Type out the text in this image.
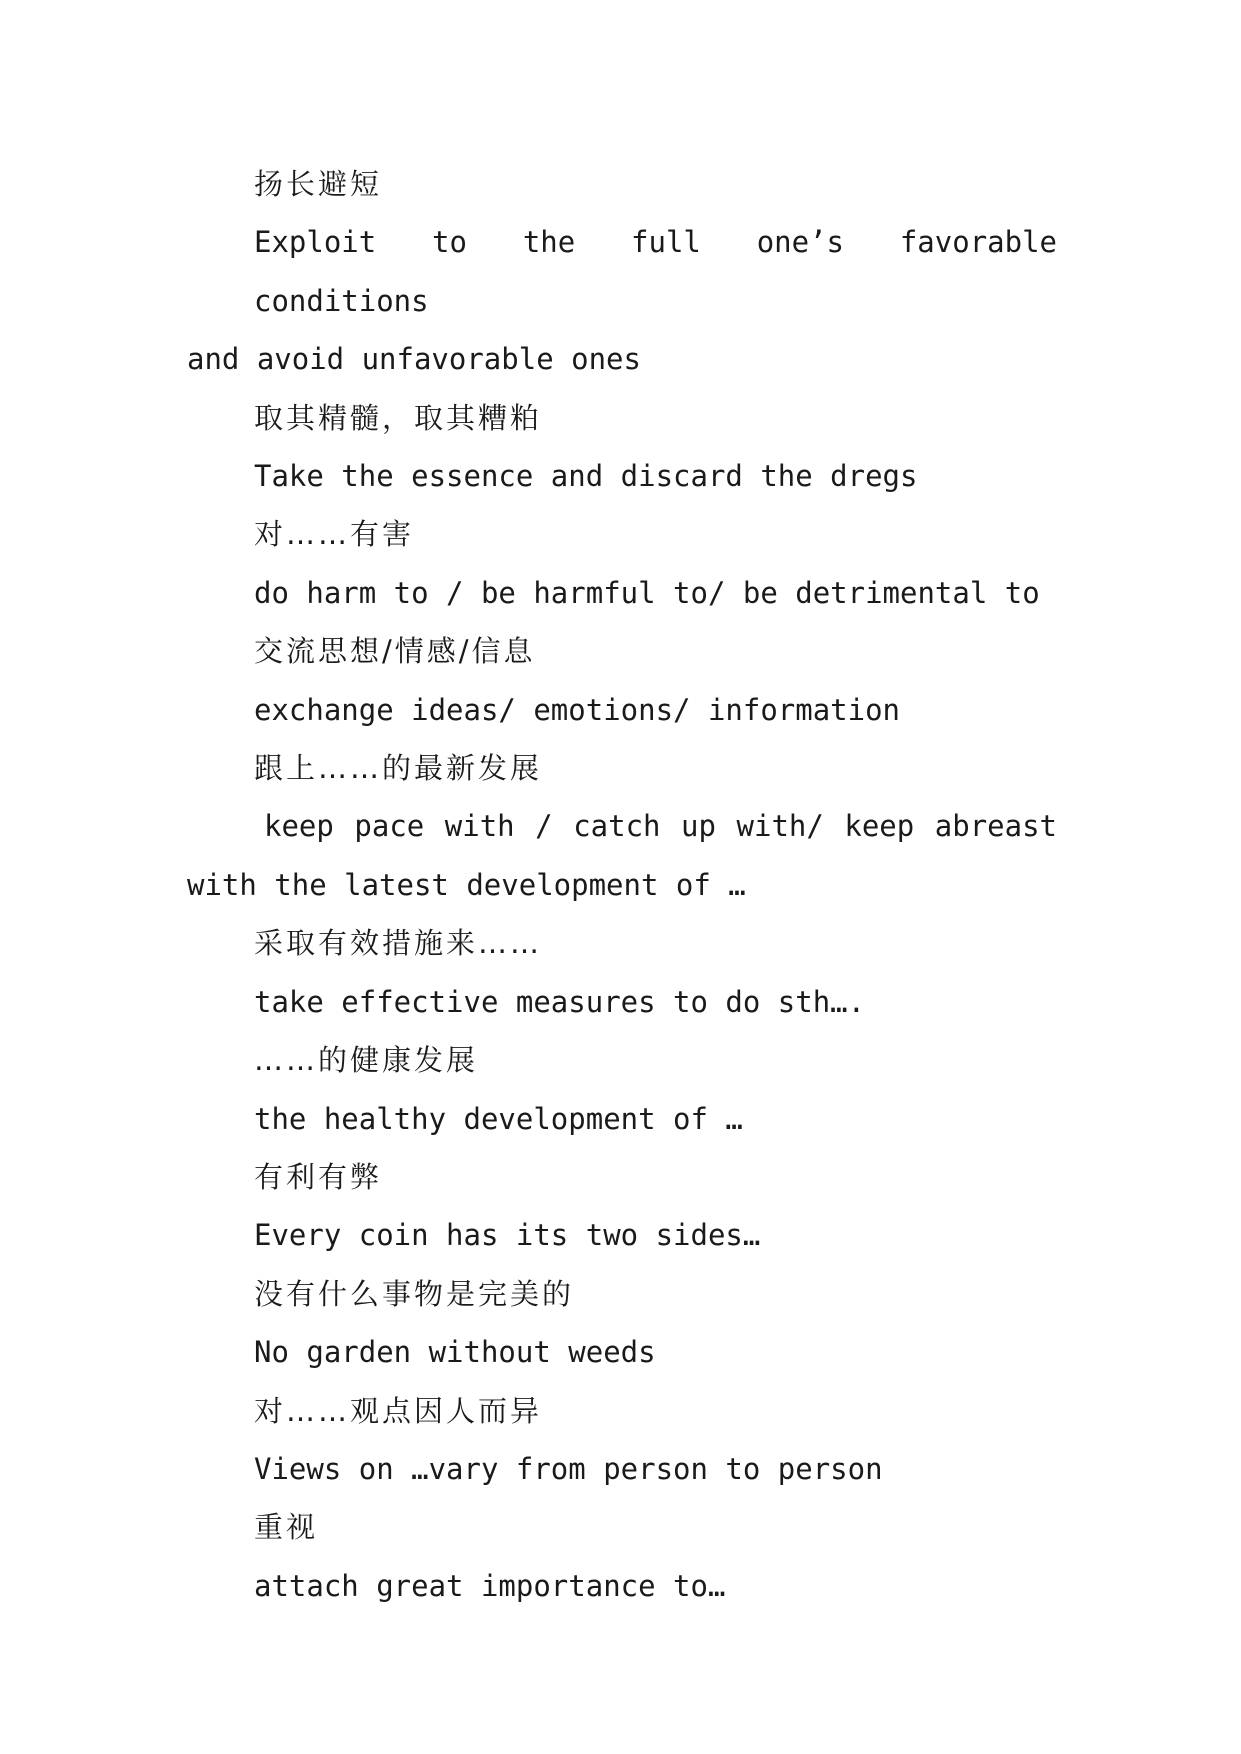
扬长避短

Exploit to the full one’s favorable conditions

and avoid unfavorable ones

取其精髓，取其糟粕

Take the essence and discard the dregs

对……有害

do harm to / be harmful to/ be detrimental to

交流思想/情感/信息

exchange ideas/ emotions/ information

跟上……的最新发展

keep pace with / catch up with/ keep abreast

with the latest development of …

采取有效措施来……

take effective measures to do sth….

……的健康发展

the healthy development of …

有利有弊

Every coin has its two sides…

没有什么事物是完美的

No garden without weeds

对……观点因人而异

Views on …vary from person to person

重视

attach great importance to…
